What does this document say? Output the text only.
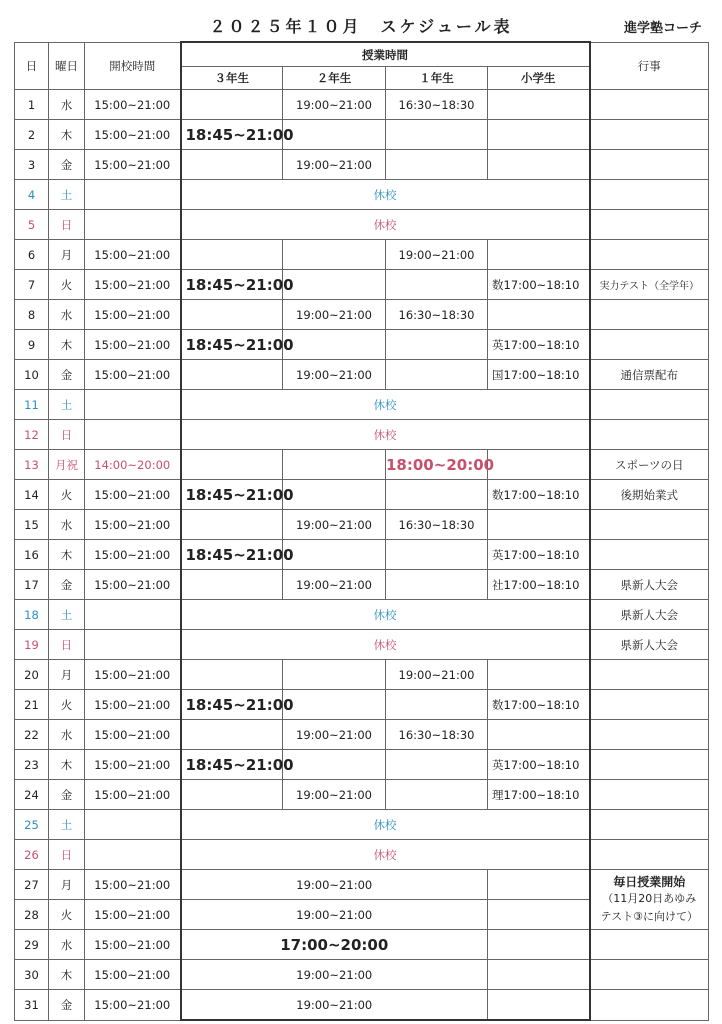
２０２５年１０月　スケジュール表	進学塾コーチ
日	曜日	開校時間	授業時間				行事
			３年生	２年生	１年生	小学生	
1	水	15:00~21:00		19:00~21:00	16:30~18:30		
2	木	15:00~21:00	18:45~21:00				
3	金	15:00~21:00		19:00~21:00			
4	土		休校				
5	日		休校				
6	月	15:00~21:00			19:00~21:00		
7	火	15:00~21:00	18:45~21:00			数17:00~18:10	実力テスト（全学年）
8	水	15:00~21:00		19:00~21:00	16:30~18:30		
9	木	15:00~21:00	18:45~21:00			英17:00~18:10	
10	金	15:00~21:00		19:00~21:00		国17:00~18:10	通信票配布
11	土		休校				
12	日		休校				
13	月祝	14:00~20:00			18:00~20:00		スポーツの日
14	火	15:00~21:00	18:45~21:00			数17:00~18:10	後期始業式
15	水	15:00~21:00		19:00~21:00	16:30~18:30		
16	木	15:00~21:00	18:45~21:00			英17:00~18:10	
17	金	15:00~21:00		19:00~21:00		社17:00~18:10	県新人大会
18	土		休校				県新人大会
19	日		休校				県新人大会
20	月	15:00~21:00			19:00~21:00		
21	火	15:00~21:00	18:45~21:00			数17:00~18:10	
22	水	15:00~21:00		19:00~21:00	16:30~18:30		
23	木	15:00~21:00	18:45~21:00			英17:00~18:10	
24	金	15:00~21:00		19:00~21:00		理17:00~18:10	
25	土		休校				
26	日		休校				
27	月	15:00~21:00	19:00~21:00				毎日授業開始

（11月20日あゆみ
テスト③に向けて）

28	火	15:00~21:00	19:00~21:00				
29	水	15:00~21:00	17:00~20:00				
30	木	15:00~21:00	19:00~21:00				
31	金	15:00~21:00	19:00~21:00				
